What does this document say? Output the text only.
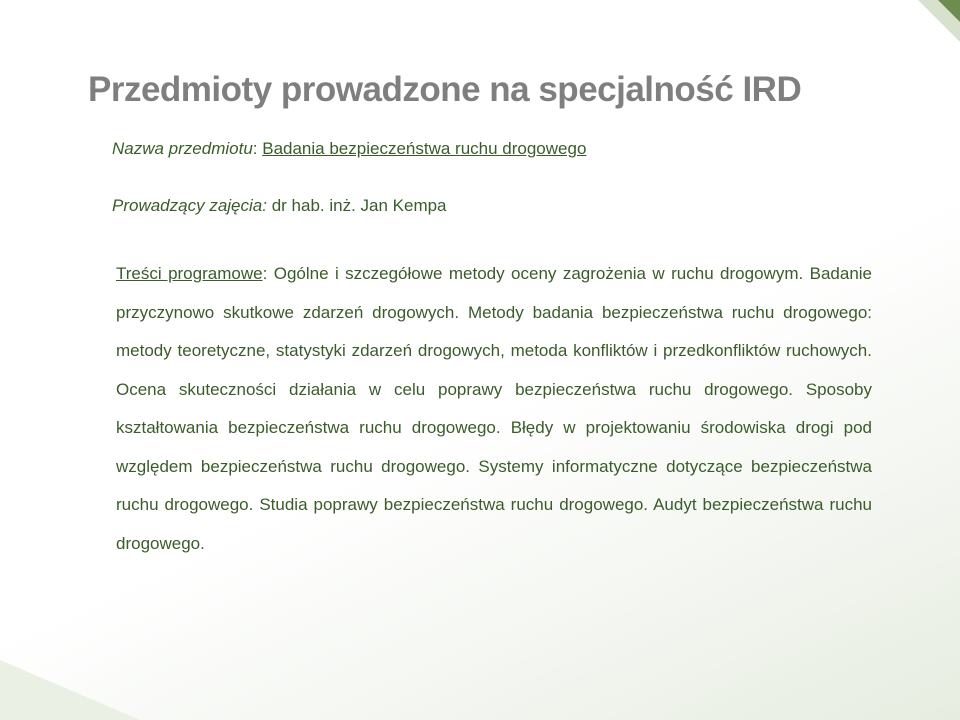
Przedmioty prowadzone na specjalność IRD
Nazwa przedmiotu: Badania bezpieczeństwa ruchu drogowego
Prowadzący zajęcia: dr hab. inż. Jan Kempa

Treści programowe: Ogólne i szczegółowe metody oceny zagrożenia w ruchu drogowym. Badanie przyczynowo skutkowe zdarzeń drogowych. Metody badania bezpieczeństwa ruchu drogowego: metody teoretyczne, statystyki zdarzeń drogowych, metoda konfliktów i przedkonfliktów ruchowych. Ocena skuteczności działania w celu poprawy bezpieczeństwa ruchu drogowego. Sposoby kształtowania bezpieczeństwa ruchu drogowego. Błędy w projektowaniu środowiska drogi pod względem bezpieczeństwa ruchu drogowego. Systemy informatyczne dotyczące bezpieczeństwa ruchu drogowego. Studia poprawy bezpieczeństwa ruchu drogowego. Audyt bezpieczeństwa ruchu drogowego.
